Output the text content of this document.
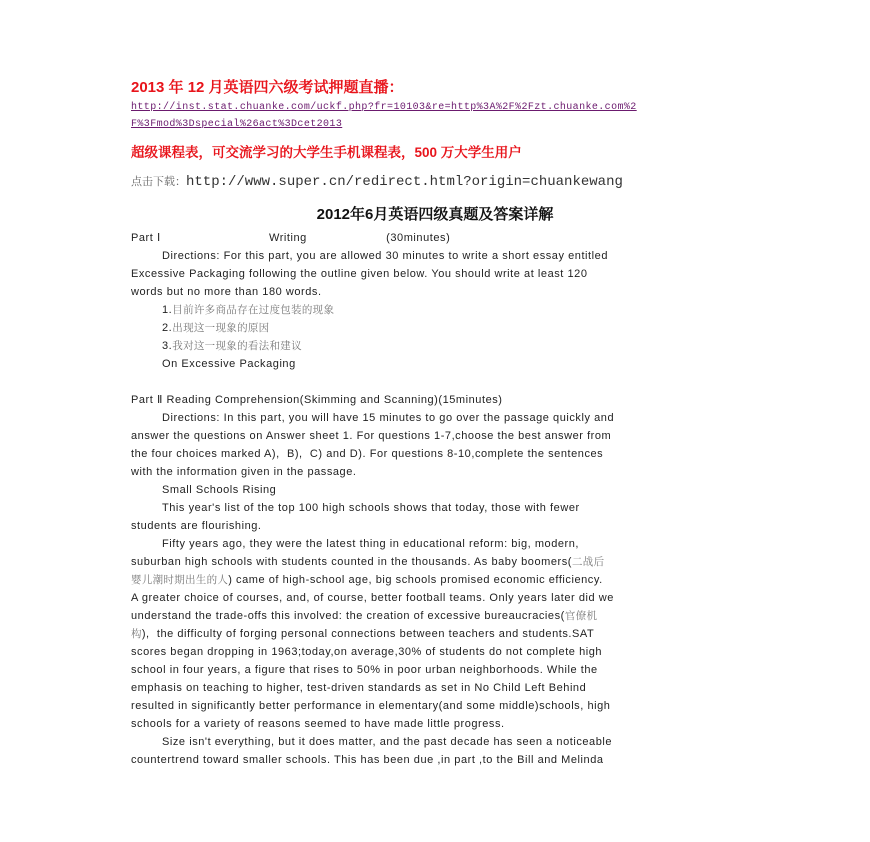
2013 年 12 月英语四六级考试押题直播：
http://inst.stat.chuanke.com/uckf.php?fr=10103&re=http%3A%2F%2Fzt.chuanke.com%2
F%3Fmod%3Dspecial%26act%3Dcet2013
超级课程表，可交流学习的大学生手机课程表，500 万大学生用户
点击下载：http://www.super.cn/redirect.html?origin=chuankewang
2012年6月英语四级真题及答案详解
Part Ⅰ                              Writing                      (30minutes)
Directions: For this part, you are allowed 30 minutes to write a short essay entitled
Excessive Packaging following the outline given below. You should write at least 120
words but no more than 180 words.
1.目前许多商品存在过度包装的现象
2.出现这一现象的原因
3.我对这一现象的看法和建议
On Excessive Packaging
Part Ⅱ Reading Comprehension(Skimming and Scanning)(15minutes)
Directions: In this part, you will have 15 minutes to go over the passage quickly and
answer the questions on Answer sheet 1. For questions 1-7,choose the best answer from
the four choices marked A),  B),  C) and D). For questions 8-10,complete the sentences
with the information given in the passage.
Small Schools Rising
This year's list of the top 100 high schools shows that today, those with fewer
students are flourishing.
Fifty years ago, they were the latest thing in educational reform: big, modern,
suburban high schools with students counted in the thousands. As baby boomers(二战后
婴儿潮时期出生的人) came of high-school age, big schools promised economic efficiency.
A greater choice of courses, and, of course, better football teams. Only years later did we
understand the trade-offs this involved: the creation of excessive bureaucracies(官僚机
构),  the difficulty of forging personal connections between teachers and students.SAT
scores began dropping in 1963;today,on average,30% of students do not complete high
school in four years, a figure that rises to 50% in poor urban neighborhoods. While the
emphasis on teaching to higher, test-driven standards as set in No Child Left Behind
resulted in significantly better performance in elementary(and some middle)schools, high
schools for a variety of reasons seemed to have made little progress.
Size isn't everything, but it does matter, and the past decade has seen a noticeable
countertrend toward smaller schools. This has been due ,in part ,to the Bill and Melinda
